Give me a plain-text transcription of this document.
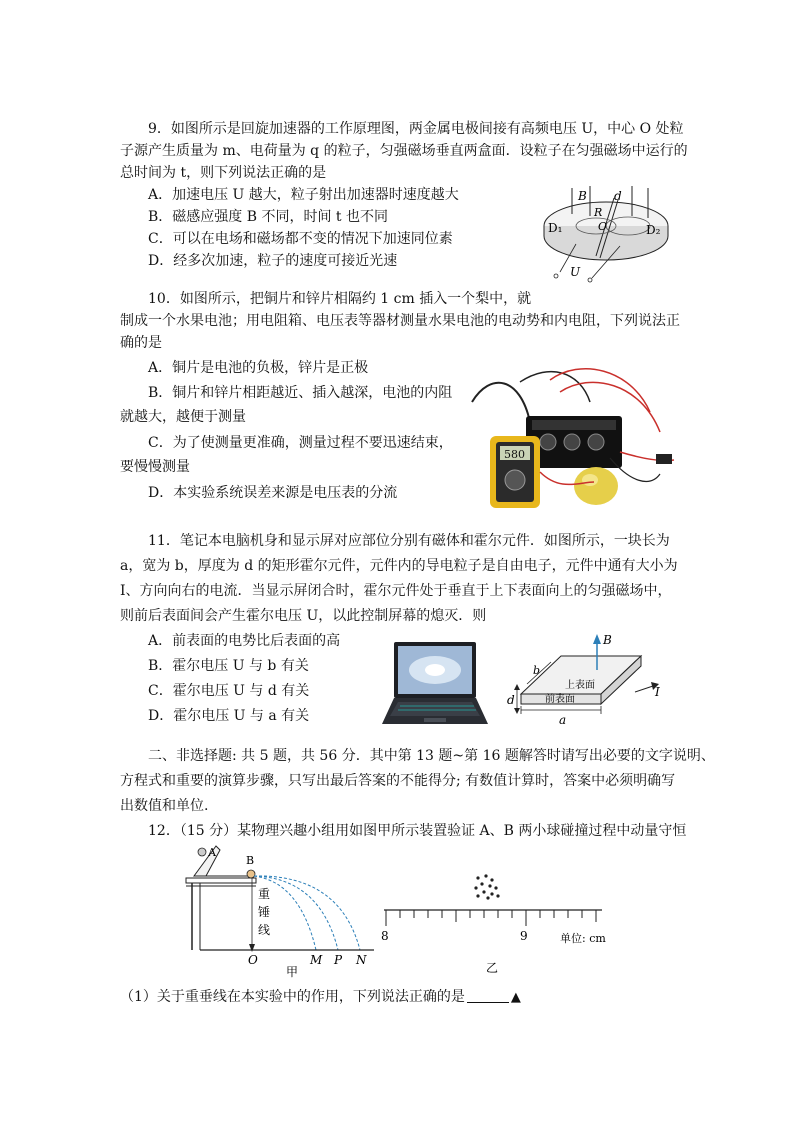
9．如图所示是回旋加速器的工作原理图，两金属电极间接有高频电压 U，中心 O 处粒
子源产生质量为 m、电荷量为 q 的粒子，匀强磁场垂直两盒面．设粒子在匀强磁场中运行的
总时间为 t，则下列说法正确的是
A．加速电压 U 越大，粒子射出加速器时速度越大
B．磁感应强度 B 不同，时间 t 也不同
C．可以在电场和磁场都不变的情况下加速同位素
D．经多次加速，粒子的速度可接近光速
B d
R
O
D₁	D₂
U
10．如图所示，把铜片和锌片相隔约 1 cm 插入一个梨中，就
制成一个水果电池；用电阻箱、电压表等器材测量水果电池的电动势和内电阻，下列说法正
确的是
A．铜片是电池的负极，锌片是正极
B．铜片和锌片相距越近、插入越深，电池的内阻
就越大，越便于测量
C．为了使测量更准确，测量过程不要迅速结束，
要慢慢测量
D．本实验系统误差来源是电压表的分流
580
11．笔记本电脑机身和显示屏对应部位分别有磁体和霍尔元件．如图所示，一块长为
a，宽为 b，厚度为 d 的矩形霍尔元件，元件内的导电粒子是自由电子，元件中通有大小为
I、方向向右的电流．当显示屏闭合时，霍尔元件处于垂直于上下表面向上的匀强磁场中，
则前后表面间会产生霍尔电压 U，以此控制屏幕的熄灭．则
A．前表面的电势比后表面的高
B．霍尔电压 U 与 b 有关
C．霍尔电压 U 与 d 有关
D．霍尔电压 U 与 a 有关
B
b
上表面
前表面
I
d
a
二、非选择题: 共 5 题，共 56 分．其中第 13 题~第 16 题解答时请写出必要的文字说明、
方程式和重要的演算步骤，只写出最后答案的不能得分; 有数值计算时，答案中必须明确写
出数值和单位.
12．（15 分）某物理兴趣小组用如图甲所示装置验证 A、B 两小球碰撞过程中动量守恒
A
B
重
锤
线
O	M P N
甲
8	9	单位: cm
乙
（1）关于重垂线在本实验中的作用，下列说法正确的是	▲
